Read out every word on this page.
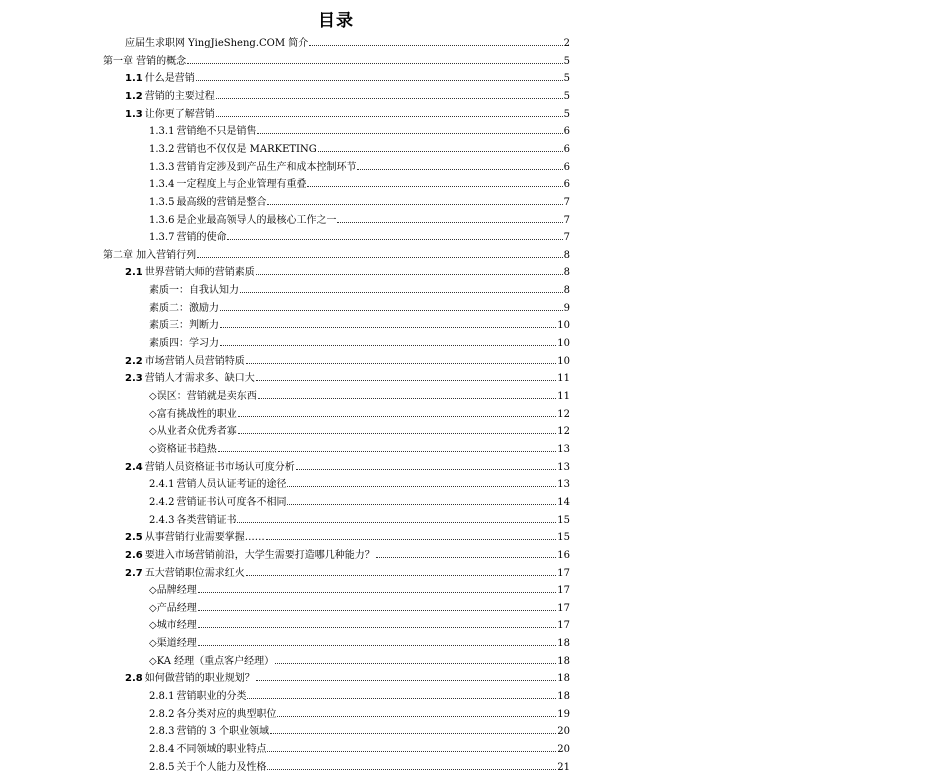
目录
应届生求职网 YingJieSheng.COM 简介	2
第一章 营销的概念	5
1.1 什么是营销	5
1.2 营销的主要过程	5
1.3 让你更了解营销	5
1.3.1 营销绝不只是销售	6
1.3.2 营销也不仅仅是 MARKETING	6
1.3.3 营销肯定涉及到产品生产和成本控制环节	6
1.3.4 一定程度上与企业管理有重叠	6
1.3.5 最高级的营销是整合	7
1.3.6 是企业最高领导人的最核心工作之一	7
1.3.7 营销的使命	7
第二章 加入营销行列	8
2.1 世界营销大师的营销素质	8
素质一：自我认知力	8
素质二：激励力	9
素质三：判断力	10
素质四：学习力	10
2.2 市场营销人员营销特质	10
2.3 营销人才需求多、缺口大	11
◇误区：营销就是卖东西	11
◇富有挑战性的职业	12
◇从业者众优秀者寡	12
◇资格证书趋热	13
2.4 营销人员资格证书市场认可度分析	13
2.4.1 营销人员认证考证的途径	13
2.4.2 营销证书认可度各不相同	14
2.4.3 各类营销证书	15
2.5 从事营销行业需要掌握……	15
2.6 要进入市场营销前沿，大学生需要打造哪几种能力？	16
2.7 五大营销职位需求红火	17
◇品牌经理	17
◇产品经理	17
◇城市经理	17
◇渠道经理	18
◇KA 经理（重点客户经理）	18
2.8 如何做营销的职业规划？	18
2.8.1 营销职业的分类	18
2.8.2 各分类对应的典型职位	19
2.8.3 营销的 3 个职业领域	20
2.8.4 不同领域的职业特点	20
2.8.5 关于个人能力及性格	21
